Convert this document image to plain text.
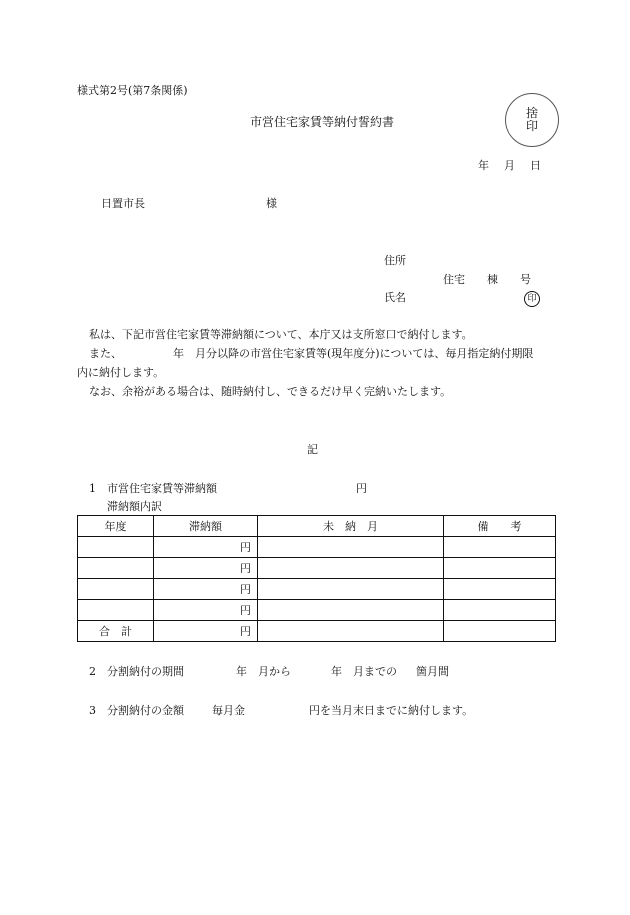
様式第2号(第7条関係)
市営住宅家賃等納付誓約書
捨
印
年　月　日
日置市長	様
住所
住宅　　棟　　号
氏名	印
私は、下記市営住宅家賃等滞納額について、本庁又は支所窓口で納付します。
また、	年　月分以降の市営住宅家賃等(現年度分)については、毎月指定納付期限
内に納付します。
なお、余裕がある場合は、随時納付し、できるだけ早く完納いたします。
記
1 市営住宅家賃等滞納額	円
滞納額内訳
年度	滞納額	未　納　月	備　　考
	円		
	円		
	円		
	円		
合　計	円		
2 分割納付の期間	年　月から	年　月までの 箇月間
3 分割納付の金額	毎月金	円を当月末日までに納付します。
